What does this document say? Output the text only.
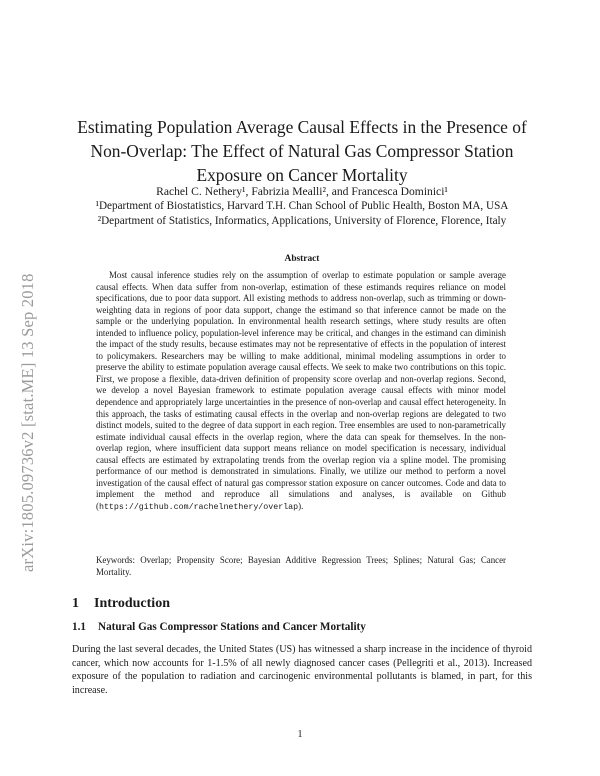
arXiv:1805.09736v2 [stat.ME] 13 Sep 2018
Estimating Population Average Causal Effects in the Presence of Non-Overlap: The Effect of Natural Gas Compressor Station Exposure on Cancer Mortality
Rachel C. Nethery¹, Fabrizia Mealli², and Francesca Dominici¹
¹Department of Biostatistics, Harvard T.H. Chan School of Public Health, Boston MA, USA
²Department of Statistics, Informatics, Applications, University of Florence, Florence, Italy
Abstract

Most causal inference studies rely on the assumption of overlap to estimate population or sample average causal effects. When data suffer from non-overlap, estimation of these estimands requires reliance on model specifications, due to poor data support. All existing methods to address non-overlap, such as trimming or down-weighting data in regions of poor data support, change the estimand so that inference cannot be made on the sample or the underlying population. In environmental health research settings, where study results are often intended to influence policy, population-level inference may be critical, and changes in the estimand can diminish the impact of the study results, because estimates may not be representative of effects in the population of interest to policymakers. Researchers may be willing to make additional, minimal modeling assumptions in order to preserve the ability to estimate population average causal effects. We seek to make two contributions on this topic. First, we propose a flexible, data-driven definition of propensity score overlap and non-overlap regions. Second, we develop a novel Bayesian framework to estimate population average causal effects with minor model dependence and appropriately large uncertainties in the presence of non-overlap and causal effect heterogeneity. In this approach, the tasks of estimating causal effects in the overlap and non-overlap regions are delegated to two distinct models, suited to the degree of data support in each region. Tree ensembles are used to non-parametrically estimate individual causal effects in the overlap region, where the data can speak for themselves. In the non-overlap region, where insufficient data support means reliance on model specification is necessary, individual causal effects are estimated by extrapolating trends from the overlap region via a spline model. The promising performance of our method is demonstrated in simulations. Finally, we utilize our method to perform a novel investigation of the causal effect of natural gas compressor station exposure on cancer outcomes. Code and data to implement the method and reproduce all simulations and analyses, is available on Github (https://github.com/rachelnethery/overlap).

Keywords: Overlap; Propensity Score; Bayesian Additive Regression Trees; Splines; Natural Gas; Cancer Mortality.

1 Introduction
1.1 Natural Gas Compressor Stations and Cancer Mortality

During the last several decades, the United States (US) has witnessed a sharp increase in the incidence of thyroid cancer, which now accounts for 1-1.5% of all newly diagnosed cancer cases (Pellegriti et al., 2013). Increased exposure of the population to radiation and carcinogenic environmental pollutants is blamed, in part, for this increase.

1
